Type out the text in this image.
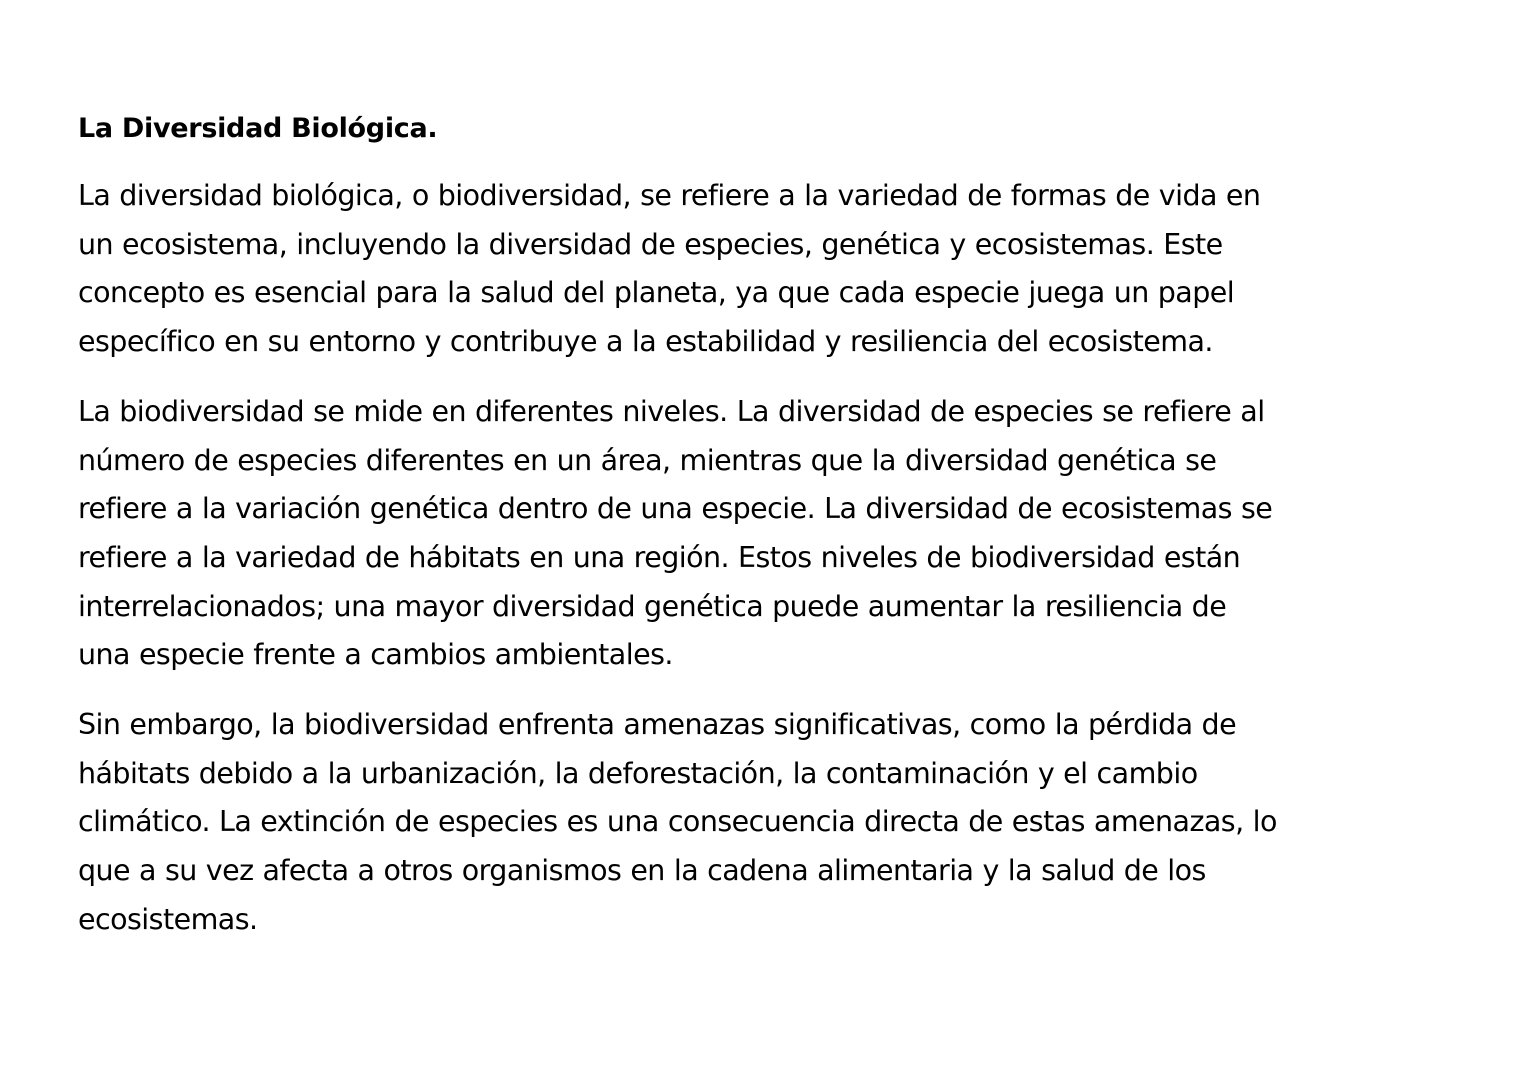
La Diversidad Biológica.

La diversidad biológica, o biodiversidad, se refiere a la variedad de formas de vida en
un ecosistema, incluyendo la diversidad de especies, genética y ecosistemas. Este
concepto es esencial para la salud del planeta, ya que cada especie juega un papel
específico en su entorno y contribuye a la estabilidad y resiliencia del ecosistema.

La biodiversidad se mide en diferentes niveles. La diversidad de especies se refiere al
número de especies diferentes en un área, mientras que la diversidad genética se
refiere a la variación genética dentro de una especie. La diversidad de ecosistemas se
refiere a la variedad de hábitats en una región. Estos niveles de biodiversidad están
interrelacionados; una mayor diversidad genética puede aumentar la resiliencia de
una especie frente a cambios ambientales.

Sin embargo, la biodiversidad enfrenta amenazas significativas, como la pérdida de
hábitats debido a la urbanización, la deforestación, la contaminación y el cambio
climático. La extinción de especies es una consecuencia directa de estas amenazas, lo
que a su vez afecta a otros organismos en la cadena alimentaria y la salud de los
ecosistemas.
